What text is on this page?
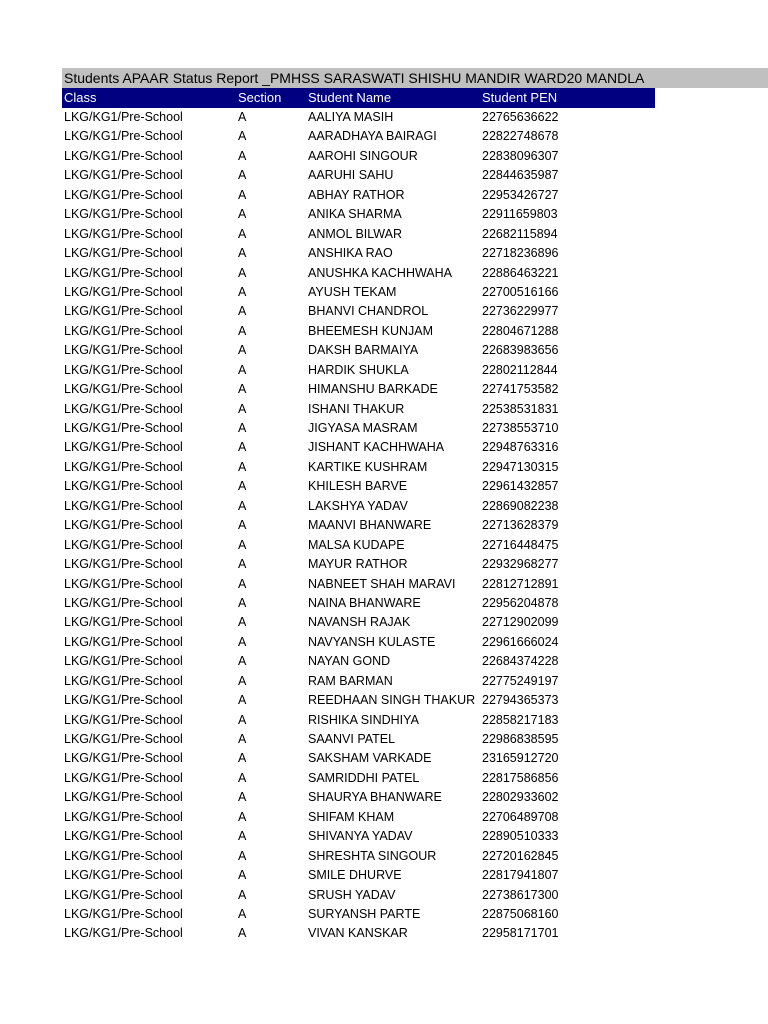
Students APAAR Status Report _PMHSS SARASWATI SHISHU MANDIR WARD20 MANDLA
Class	Section	Student Name	Student PEN
LKG/KG1/Pre-School	A	AALIYA MASIH	22765636622
LKG/KG1/Pre-School	A	AARADHAYA BAIRAGI	22822748678
LKG/KG1/Pre-School	A	AAROHI SINGOUR	22838096307
LKG/KG1/Pre-School	A	AARUHI SAHU	22844635987
LKG/KG1/Pre-School	A	ABHAY RATHOR	22953426727
LKG/KG1/Pre-School	A	ANIKA SHARMA	22911659803
LKG/KG1/Pre-School	A	ANMOL BILWAR	22682115894
LKG/KG1/Pre-School	A	ANSHIKA RAO	22718236896
LKG/KG1/Pre-School	A	ANUSHKA KACHHWAHA	22886463221
LKG/KG1/Pre-School	A	AYUSH TEKAM	22700516166
LKG/KG1/Pre-School	A	BHANVI CHANDROL	22736229977
LKG/KG1/Pre-School	A	BHEEMESH KUNJAM	22804671288
LKG/KG1/Pre-School	A	DAKSH BARMAIYA	22683983656
LKG/KG1/Pre-School	A	HARDIK SHUKLA	22802112844
LKG/KG1/Pre-School	A	HIMANSHU BARKADE	22741753582
LKG/KG1/Pre-School	A	ISHANI THAKUR	22538531831
LKG/KG1/Pre-School	A	JIGYASA MASRAM	22738553710
LKG/KG1/Pre-School	A	JISHANT KACHHWAHA	22948763316
LKG/KG1/Pre-School	A	KARTIKE KUSHRAM	22947130315
LKG/KG1/Pre-School	A	KHILESH BARVE	22961432857
LKG/KG1/Pre-School	A	LAKSHYA YADAV	22869082238
LKG/KG1/Pre-School	A	MAANVI BHANWARE	22713628379
LKG/KG1/Pre-School	A	MALSA KUDAPE	22716448475
LKG/KG1/Pre-School	A	MAYUR RATHOR	22932968277
LKG/KG1/Pre-School	A	NABNEET SHAH MARAVI	22812712891
LKG/KG1/Pre-School	A	NAINA BHANWARE	22956204878
LKG/KG1/Pre-School	A	NAVANSH RAJAK	22712902099
LKG/KG1/Pre-School	A	NAVYANSH KULASTE	22961666024
LKG/KG1/Pre-School	A	NAYAN GOND	22684374228
LKG/KG1/Pre-School	A	RAM BARMAN	22775249197
LKG/KG1/Pre-School	A	REEDHAAN SINGH THAKUR 22794365373
LKG/KG1/Pre-School	A	RISHIKA SINDHIYA	22858217183
LKG/KG1/Pre-School	A	SAANVI PATEL	22986838595
LKG/KG1/Pre-School	A	SAKSHAM VARKADE	23165912720
LKG/KG1/Pre-School	A	SAMRIDDHI PATEL	22817586856
LKG/KG1/Pre-School	A	SHAURYA BHANWARE	22802933602
LKG/KG1/Pre-School	A	SHIFAM KHAM	22706489708
LKG/KG1/Pre-School	A	SHIVANYA YADAV	22890510333
LKG/KG1/Pre-School	A	SHRESHTA SINGOUR	22720162845
LKG/KG1/Pre-School	A	SMILE DHURVE	22817941807
LKG/KG1/Pre-School	A	SRUSH YADAV	22738617300
LKG/KG1/Pre-School	A	SURYANSH PARTE	22875068160
LKG/KG1/Pre-School	A	VIVAN KANSKAR	22958171701
